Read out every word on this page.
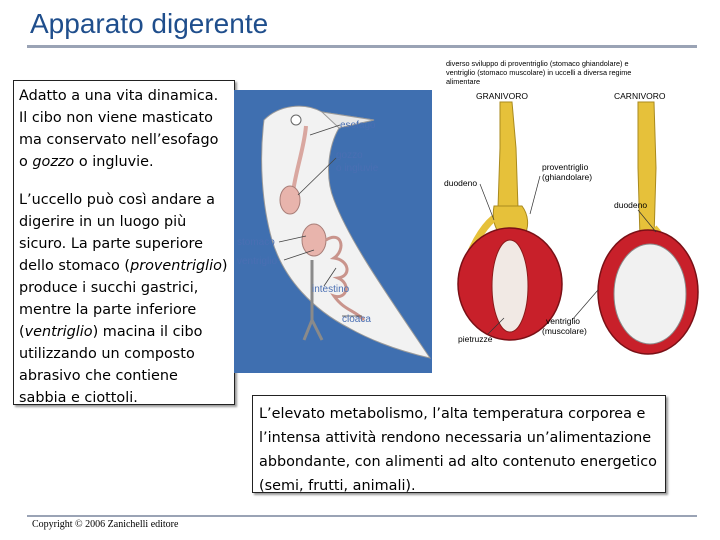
Apparato digerente

Adatto a una vita dinamica. Il cibo non viene masticato ma conservato nell’esofago o gozzo o ingluvie.

L’uccello può così andare a digerire in un luogo più sicuro. La parte superiore dello stomaco (proventriglio) produce i succhi gastrici, mentre la parte inferiore (ventriglio) macina il cibo utilizzando un composto abrasivo che contiene sabbia e ciottoli.

esofago
gozzo
o ingluvie
stomaco
ventriglio
intestino
cloaca
diverso sviluppo di proventriglio (stomaco ghiandolare) e
ventriglio (stomaco muscolare) in uccelli a diversa regime
alimentare
GRANIVORO	CARNIVORO
duodeno
proventriglio
(ghiandolare)
duodeno
pietruzze
ventriglio
(muscolare)
L’elevato metabolismo, l’alta temperatura corporea e l’intensa attività rendono necessaria un’alimentazione abbondante, con alimenti ad alto contenuto energetico (semi, frutti, animali).
Copyright © 2006 Zanichelli editore
